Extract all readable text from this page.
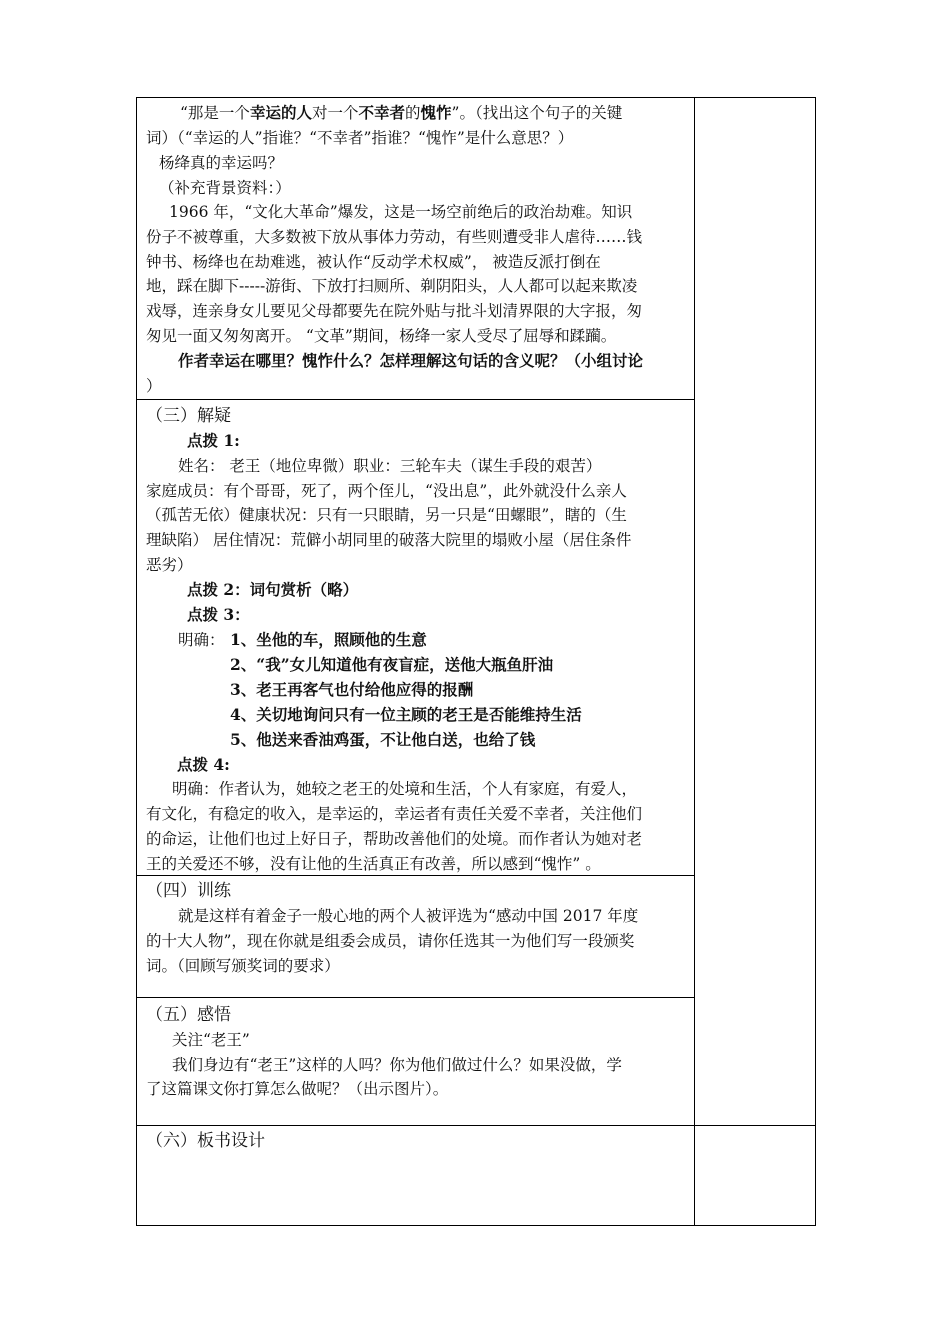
“那是一个幸运的人对一个不幸者的愧怍”。（找出这个句子的关键
词）（“幸运的人”指谁？“不幸者”指谁？“愧怍”是什么意思？）
杨绛真的幸运吗？
（补充背景资料：）
1966 年，“文化大革命”爆发，这是一场空前绝后的政治劫难。知识
份子不被尊重，大多数被下放从事体力劳动，有些则遭受非人虐待……钱
钟书、杨绛也在劫难逃，被认作“反动学术权威”， 被造反派打倒在
地，踩在脚下-----游街、下放打扫厕所、剃阴阳头，人人都可以起来欺凌
戏辱，连亲身女儿要见父母都要先在院外贴与批斗划清界限的大字报，匆
匆见一面又匆匆离开。 “文革”期间，杨绛一家人受尽了屈辱和蹂躏。
作者幸运在哪里？愧怍什么？怎样理解这句话的含义呢？（小组讨论
）
（三）解疑
点拨 1:
姓名： 老王（地位卑微）职业：三轮车夫（谋生手段的艰苦）
家庭成员：有个哥哥，死了，两个侄儿，“没出息”，此外就没什么亲人
（孤苦无依）健康状况：只有一只眼睛，另一只是“田螺眼”，瞎的（生
理缺陷） 居住情况：荒僻小胡同里的破落大院里的塌败小屋（居住条件
恶劣）
点拨 2：词句赏析（略）
点拨 3：
明确： 1、坐他的车，照顾他的生意
2、“我”女儿知道他有夜盲症，送他大瓶鱼肝油
3、老王再客气也付给他应得的报酬
4、关切地询问只有一位主顾的老王是否能维持生活
5、他送来香油鸡蛋，不让他白送，也给了钱
点拨 4:
明确：作者认为，她较之老王的处境和生活，个人有家庭，有爱人，
有文化，有稳定的收入，是幸运的，幸运者有责任关爱不幸者，关注他们
的命运，让他们也过上好日子，帮助改善他们的处境。而作者认为她对老
王的关爱还不够，没有让他的生活真正有改善，所以感到“愧怍” 。
（四）训练
就是这样有着金子一般心地的两个人被评选为“感动中国 2017 年度
的十大人物”，现在你就是组委会成员，请你任选其一为他们写一段颁奖
词。（回顾写颁奖词的要求）
（五）感悟
关注“老王”
我们身边有“老王”这样的人吗？你为他们做过什么？如果没做，学
了这篇课文你打算怎么做呢？（出示图片）。
（六）板书设计
